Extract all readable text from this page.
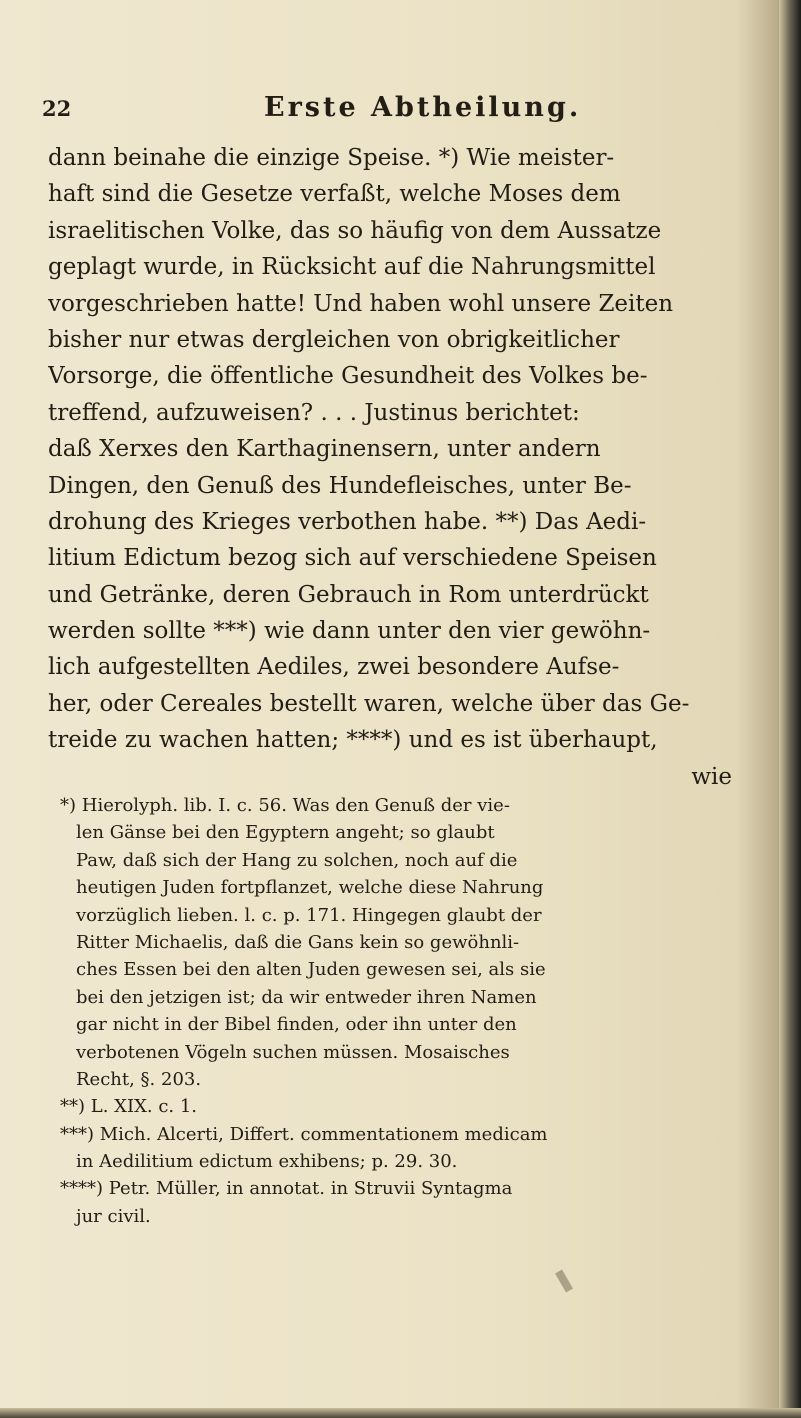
22	Erste Abtheilung.
dann beinahe die einzige Speise. *) Wie meister-
haft sind die Gesetze verfaßt, welche Moses dem
israelitischen Volke, das so häufig von dem Aussatze
geplagt wurde, in Rücksicht auf die Nahrungsmittel
vorgeschrieben hatte! Und haben wohl unsere Zeiten
bisher nur etwas dergleichen von obrigkeitlicher
Vorsorge, die öffentliche Gesundheit des Volkes be-
treffend, aufzuweisen? . . . Justinus berichtet:
daß Xerxes den Karthaginensern, unter andern
Dingen, den Genuß des Hundefleisches, unter Be-
drohung des Krieges verbothen habe. **) Das Aedi-
litium Edictum bezog sich auf verschiedene Speisen
und Getränke, deren Gebrauch in Rom unterdrückt
werden sollte ***) wie dann unter den vier gewöhn-
lich aufgestellten Aediles, zwei besondere Aufse-
her, oder Cereales bestellt waren, welche über das Ge-
treide zu wachen hatten; ****) und es ist überhaupt,
wie
*) Hierolyph. lib. I. c. 56. Was den Genuß der vie-
len Gänse bei den Egyptern angeht; so glaubt
Paw, daß sich der Hang zu solchen, noch auf die
heutigen Juden fortpflanzet, welche diese Nahrung
vorzüglich lieben. l. c. p. 171. Hingegen glaubt der
Ritter Michaelis, daß die Gans kein so gewöhnli-
ches Essen bei den alten Juden gewesen sei, als sie
bei den jetzigen ist; da wir entweder ihren Namen
gar nicht in der Bibel finden, oder ihn unter den
verbotenen Vögeln suchen müssen. Mosaisches
Recht, §. 203.
**) L. XIX. c. 1.
***) Mich. Alcerti, Differt. commentationem medicam
in Aedilitium edictum exhibens; p. 29. 30.
****) Petr. Müller, in annotat. in Struvii Syntagma
jur civil.
